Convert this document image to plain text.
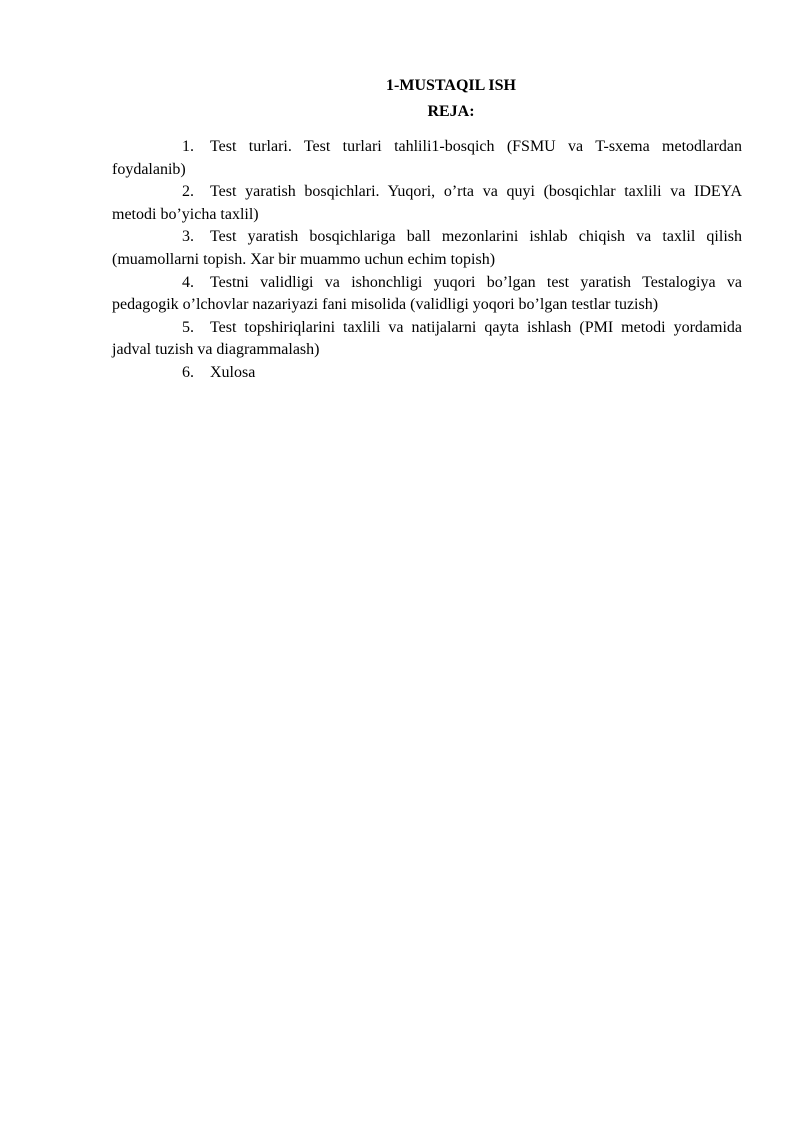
1-MUSTAQIL ISH
REJA:
1. Test turlari. Test turlari tahlili1-bosqich (FSMU va T-sxema metodlardan foydalanib)
2. Test yaratish bosqichlari. Yuqori, o’rta va quyi (bosqichlar taxlili va IDEYA metodi bo’yicha taxlil)
3. Test yaratish bosqichlariga ball mezonlarini ishlab chiqish va taxlil qilish (muamollarni topish. Xar bir muammo uchun echim topish)
4. Testni validligi va ishonchligi yuqori bo’lgan test yaratish Testalogiya va pedagogik o’lchovlar nazariyazi fani misolida (validligi yoqori bo’lgan testlar tuzish)
5. Test topshiriqlarini taxlili va natijalarni qayta ishlash (PMI metodi yordamida jadval tuzish va diagrammalash)
6. Xulosa
